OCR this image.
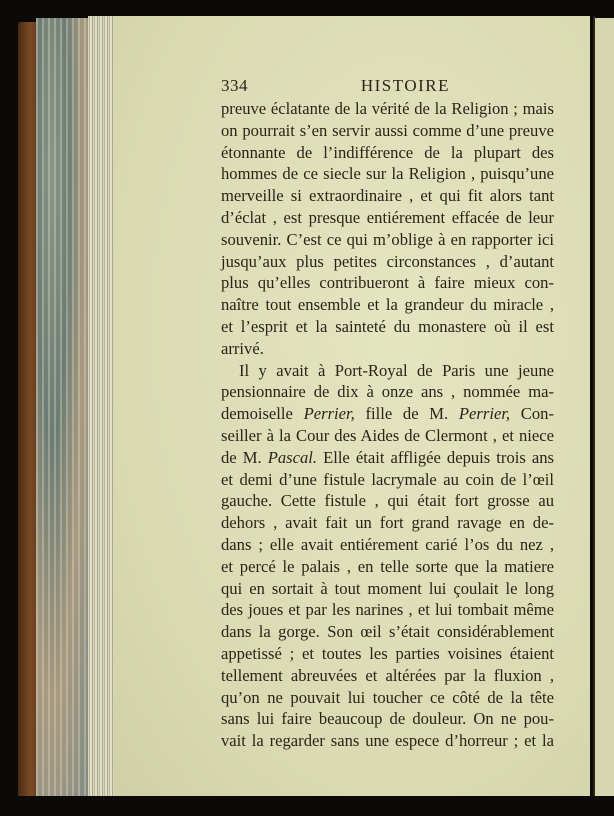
334	HISTOIRE
preuve éclatante de la vérité de la Religion ; mais
on pourrait s’en servir aussi comme d’une preuve
étonnante de l’indifférence de la plupart des
hommes de ce siecle sur la Religion , puisqu’une
merveille si extraordinaire , et qui fit alors tant
d’éclat , est presque entiérement effacée de leur
souvenir. C’est ce qui m’oblige à en rapporter ici
jusqu’aux plus petites circonstances , d’autant
plus qu’elles contribueront à faire mieux con-
naître tout ensemble et la grandeur du miracle ,
et l’esprit et la sainteté du monastere où il est
arrivé.
Il y avait à Port-Royal de Paris une jeune
pensionnaire de dix à onze ans , nommée ma-
demoiselle Perrier, fille de M. Perrier, Con-
seiller à la Cour des Aides de Clermont , et niece
de M. Pascal. Elle était affligée depuis trois ans
et demi d’une fistule lacrymale au coin de l’œil
gauche. Cette fistule , qui était fort grosse au
dehors , avait fait un fort grand ravage en de-
dans ; elle avait entiérement carié l’os du nez ,
et percé le palais , en telle sorte que la matiere
qui en sortait à tout moment lui çoulait le long
des joues et par les narines , et lui tombait même
dans la gorge. Son œil s’était considérablement
appetissé ; et toutes les parties voisines étaient
tellement abreuvées et altérées par la fluxion ,
qu’on ne pouvait lui toucher ce côté de la tête
sans lui faire beaucoup de douleur. On ne pou-
vait la regarder sans une espece d’horreur ; et la
